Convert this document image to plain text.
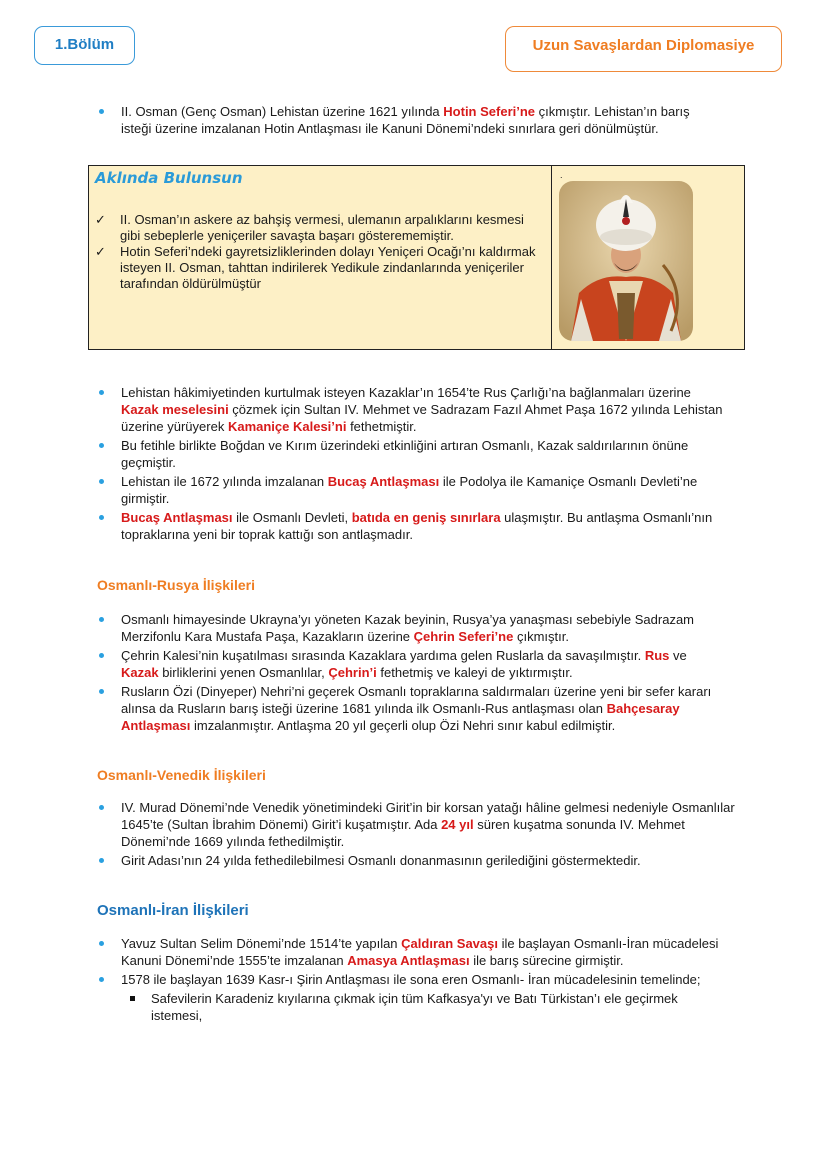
1.Bölüm	Uzun Savaşlardan Diplomasiye
II. Osman (Genç Osman) Lehistan üzerine 1621 yılında Hotin Seferi’ne çıkmıştır. Lehistan’ın barış isteği üzerine imzalanan Hotin Antlaşması ile Kanuni Dönemi’ndeki sınırlara geri dönülmüştür.
Aklında Bulunsun
✓ II. Osman’ın askere az bahşiş vermesi, ulemanın arpalıklarını kesmesi gibi sebeplerle yeniçeriler savaşta başarı gösterememiştir.
✓ Hotin Seferi’ndeki gayretsizliklerinden dolayı Yeniçeri Ocağı’nı kaldırmak isteyen II. Osman, tahttan indirilerek Yedikule zindanlarında yeniçeriler tarafından öldürülmüştür
.
Lehistan hâkimiyetinden kurtulmak isteyen Kazaklar’ın 1654’te Rus Çarlığı’na bağlanmaları üzerine Kazak meselesini çözmek için Sultan IV. Mehmet ve Sadrazam Fazıl Ahmet Paşa 1672 yılında Lehistan üzerine yürüyerek Kamaniçe Kalesi’ni fethetmiştir.
Bu fetihle birlikte Boğdan ve Kırım üzerindeki etkinliğini artıran Osmanlı, Kazak saldırılarının önüne geçmiştir.
Lehistan ile 1672 yılında imzalanan Bucaş Antlaşması ile Podolya ile Kamaniçe Osmanlı Devleti’ne girmiştir.
Bucaş Antlaşması ile Osmanlı Devleti, batıda en geniş sınırlara ulaşmıştır. Bu antlaşma Osmanlı’nın topraklarına yeni bir toprak kattığı son antlaşmadır.
Osmanlı-Rusya İlişkileri
Osmanlı himayesinde Ukrayna’yı yöneten Kazak beyinin, Rusya’ya yanaşması sebebiyle Sadrazam Merzifonlu Kara Mustafa Paşa, Kazakların üzerine Çehrin Seferi’ne çıkmıştır.
Çehrin Kalesi’nin kuşatılması sırasında Kazaklara yardıma gelen Ruslarla da savaşılmıştır. Rus ve Kazak birliklerini yenen Osmanlılar, Çehrin’i fethetmiş ve kaleyi de yıktırmıştır.
Rusların Özi (Dinyeper) Nehri’ni geçerek Osmanlı topraklarına saldırmaları üzerine yeni bir sefer kararı alınsa da Rusların barış isteği üzerine 1681 yılında ilk Osmanlı-Rus antlaşması olan Bahçesaray Antlaşması imzalanmıştır. Antlaşma 20 yıl geçerli olup Özi Nehri sınır kabul edilmiştir.
Osmanlı-Venedik İlişkileri
IV. Murad Dönemi’nde Venedik yönetimindeki Girit’in bir korsan yatağı hâline gelmesi nedeniyle Osmanlılar 1645’te (Sultan İbrahim Dönemi) Girit’i kuşatmıştır. Ada 24 yıl süren kuşatma sonunda IV. Mehmet Dönemi’nde 1669 yılında fethedilmiştir.
Girit Adası’nın 24 yılda fethedilebilmesi Osmanlı donanmasının gerilediğini göstermektedir.
Osmanlı-İran İlişkileri
Yavuz Sultan Selim Dönemi’nde 1514’te yapılan Çaldıran Savaşı ile başlayan Osmanlı-İran mücadelesi Kanuni Dönemi’nde 1555’te imzalanan Amasya Antlaşması ile barış sürecine girmiştir.
1578 ile başlayan 1639 Kasr-ı Şirin Antlaşması ile sona eren Osmanlı- İran mücadelesinin temelinde;
Safevilerin Karadeniz kıyılarına çıkmak için tüm Kafkasya'yı ve Batı Türkistan’ı ele geçirmek istemesi,
